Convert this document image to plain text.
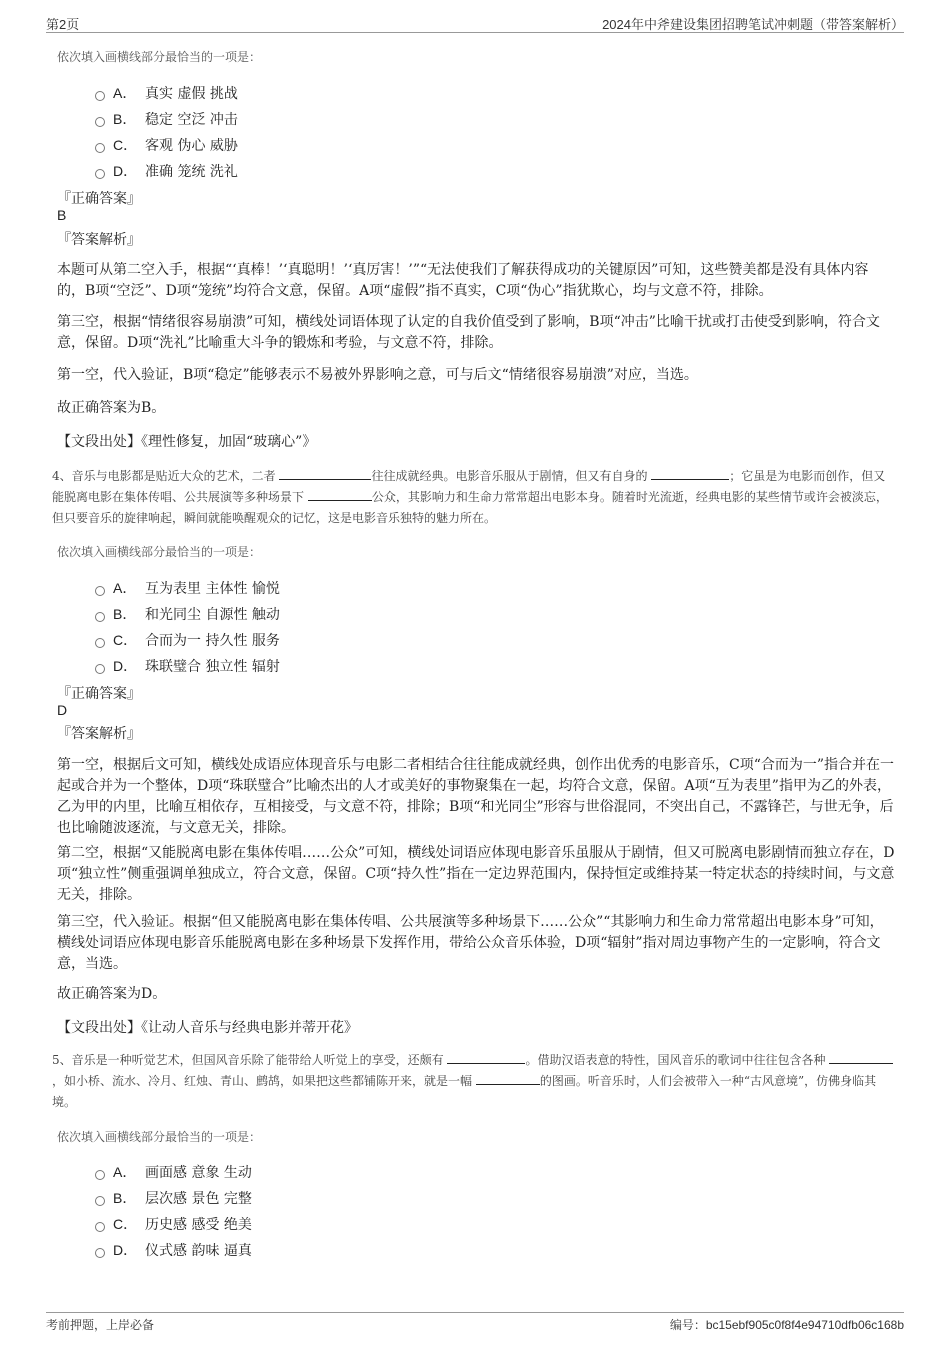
第2页	2024年中斧建设集团招聘笔试冲刺题（带答案解析）
依次填入画横线部分最恰当的一项是：
A． 真实 虚假 挑战
B． 稳定 空泛 冲击
C． 客观 伪心 威胁
D． 准确 笼统 洗礼
『正确答案』
B
『答案解析』
本题可从第二空入手，根据“‘真棒！’‘真聪明！’‘真厉害！’”“无法使我们了解获得成功的关键原因”可知，这些赞美都是没有具体内容的，B项“空泛”、D项“笼统”均符合文意，保留。A项“虚假”指不真实，C项“伪心”指犹欺心，均与文意不符，排除。
第三空，根据“情绪很容易崩溃”可知，横线处词语体现了认定的自我价值受到了影响，B项“冲击”比喻干扰或打击使受到影响，符合文意，保留。D项“洗礼”比喻重大斗争的锻炼和考验，与文意不符，排除。
第一空，代入验证，B项“稳定”能够表示不易被外界影响之意，可与后文“情绪很容易崩溃”对应，当选。
故正确答案为B。
【文段出处】《理性修复，加固“玻璃心”》
4、音乐与电影都是贴近大众的艺术，二者	往往成就经典。电影音乐服从于剧情，但又有自身的	；它虽是为电影而创作，但又能脱离电影在集体传唱、公共展演等多种场景下	公众，其影响力和生命力常常超出电影本身。随着时光流逝，经典电影的某些情节或许会被淡忘，但只要音乐的旋律响起，瞬间就能唤醒观众的记忆，这是电影音乐独特的魅力所在。
依次填入画横线部分最恰当的一项是：
A． 互为表里 主体性 愉悦
B． 和光同尘 自源性 触动
C． 合而为一 持久性 服务
D． 珠联璧合 独立性 辐射
『正确答案』
D
『答案解析』
第一空，根据后文可知，横线处成语应体现音乐与电影二者相结合往往能成就经典，创作出优秀的电影音乐，C项“合而为一”指合并在一起或合并为一个整体，D项“珠联璧合”比喻杰出的人才或美好的事物聚集在一起，均符合文意，保留。A项“互为表里”指甲为乙的外表，乙为甲的内里，比喻互相依存，互相接受，与文意不符，排除；B项“和光同尘”形容与世俗混同，不突出自己，不露锋芒，与世无争，后也比喻随波逐流，与文意无关，排除。
第二空，根据“又能脱离电影在集体传唱……公众”可知，横线处词语应体现电影音乐虽服从于剧情，但又可脱离电影剧情而独立存在，D项“独立性”侧重强调单独成立，符合文意，保留。C项“持久性”指在一定边界范围内，保持恒定或维持某一特定状态的持续时间，与文意无关，排除。
第三空，代入验证。根据“但又能脱离电影在集体传唱、公共展演等多种场景下……公众”“其影响力和生命力常常超出电影本身”可知，横线处词语应体现电影音乐能脱离电影在多种场景下发挥作用，带给公众音乐体验，D项“辐射”指对周边事物产生的一定影响，符合文意，当选。
故正确答案为D。
【文段出处】《让动人音乐与经典电影并蒂开花》
5、音乐是一种听觉艺术，但国风音乐除了能带给人听觉上的享受，还颇有	。借助汉语表意的特性，国风音乐的歌词中往往包含各种 ，如小桥、流水、冷月、红烛、青山、鹧鸪，如果把这些都铺陈开来，就是一幅	的图画。听音乐时，人们会被带入一种“古风意境”，仿佛身临其境。
依次填入画横线部分最恰当的一项是：
A． 画面感 意象 生动
B． 层次感 景色 完整
C． 历史感 感受 绝美
D． 仪式感 韵味 逼真
考前押题，上岸必备	编号：bc15ebf905c0f8f4e94710dfb06c168b
